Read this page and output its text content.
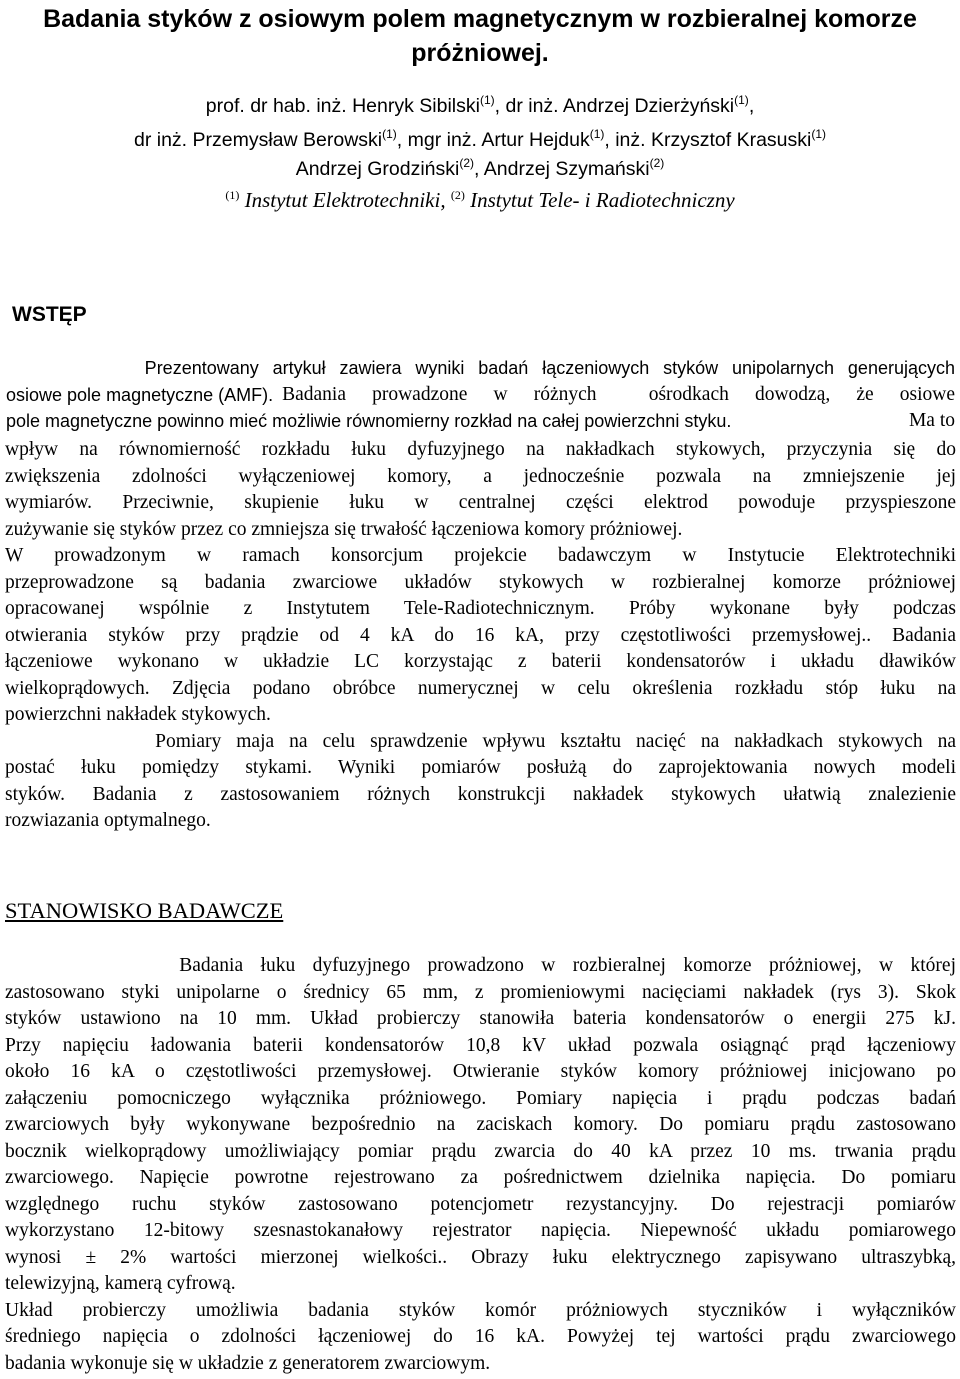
Badania styków z osiowym polem magnetycznym w rozbieralnej komorze
próżniowej.
prof. dr hab. inż. Henryk Sibilski$^{(1)}$, dr inż. Andrzej Dzierżyński$^{(1)}$,
dr inż. Przemysław Berowski$^{(1)}$, mgr inż. Artur Hejduk$^{(1)}$, inż. Krzysztof Krasuski$^{(1)}$
Andrzej Grodziński$^{(2)}$, Andrzej Szymański$^{(2)}$
$^{(1)}$ Instytut Elektrotechniki, $^{(2)}$ Instytut Tele- i Radiotechniczny
WSTĘP
Prezentowany artykuł zawiera wyniki badań łączeniowych styków unipolarnych generujących
osiowe pole magnetyczne (AMF). Badania prowadzone w różnych  ośrodkach dowodzą, że osiowe
pole magnetyczne powinno mieć możliwie równomierny rozkład na całej powierzchni styku.	Ma to
wpływ na równomierność rozkładu łuku dyfuzyjnego na nakładkach stykowych, przyczynia się do
zwiększenia zdolności wyłączeniowej komory, a jednocześnie pozwala na zmniejszenie jej
wymiarów. Przeciwnie, skupienie łuku w centralnej części elektrod powoduje przyspieszone
zużywanie się styków przez co zmniejsza się trwałość łączeniowa komory próżniowej.
W prowadzonym w ramach konsorcjum projekcie badawczym w Instytucie Elektrotechniki
przeprowadzone są badania zwarciowe układów stykowych w rozbieralnej komorze próżniowej
opracowanej wspólnie z Instytutem Tele-Radiotechnicznym. Próby wykonane były podczas
otwierania styków przy prądzie od 4 kA do 16 kA, przy częstotliwości przemysłowej.. Badania
łączeniowe wykonano w układzie LC korzystając z baterii kondensatorów i układu dławików
wielkoprądowych. Zdjęcia podano obróbce numerycznej w celu określenia rozkładu stóp łuku na
powierzchni nakładek stykowych.
Pomiary maja na celu sprawdzenie wpływu kształtu nacięć na nakładkach stykowych na
postać łuku pomiędzy stykami. Wyniki pomiarów posłużą do zaprojektowania nowych modeli
styków. Badania z zastosowaniem różnych konstrukcji nakładek stykowych ułatwią znalezienie
rozwiazania optymalnego.
STANOWISKO BADAWCZE
Badania łuku dyfuzyjnego prowadzono w rozbieralnej komorze próżniowej, w której
zastosowano styki unipolarne o średnicy 65 mm, z promieniowymi nacięciami nakładek (rys 3). Skok
styków ustawiono na 10 mm. Układ probierczy stanowiła bateria kondensatorów o energii 275 kJ.
Przy napięciu ładowania baterii kondensatorów 10,8 kV układ pozwala osiągnąć prąd łączeniowy
około 16 kA o częstotliwości przemysłowej. Otwieranie styków komory próżniowej inicjowano po
załączeniu pomocniczego wyłącznika próżniowego. Pomiary napięcia i prądu podczas badań
zwarciowych były wykonywane bezpośrednio na zaciskach komory. Do pomiaru prądu zastosowano
bocznik wielkoprądowy umożliwiający pomiar prądu zwarcia do 40 kA przez 10 ms. trwania prądu
zwarciowego. Napięcie powrotne rejestrowano za pośrednictwem dzielnika napięcia. Do pomiaru
względnego ruchu styków zastosowano potencjometr rezystancyjny. Do rejestracji pomiarów
wykorzystano 12-bitowy szesnastokanałowy rejestrator napięcia. Niepewność układu pomiarowego
wynosi ± 2% wartości mierzonej wielkości.. Obrazy łuku elektrycznego zapisywano ultraszybką,
telewizyjną, kamerą cyfrową.
Układ probierczy umożliwia badania styków komór próżniowych styczników i wyłączników
średniego napięcia o zdolności łączeniowej do 16 kA. Powyżej tej wartości prądu zwarciowego
badania wykonuje się w układzie z generatorem zwarciowym.
